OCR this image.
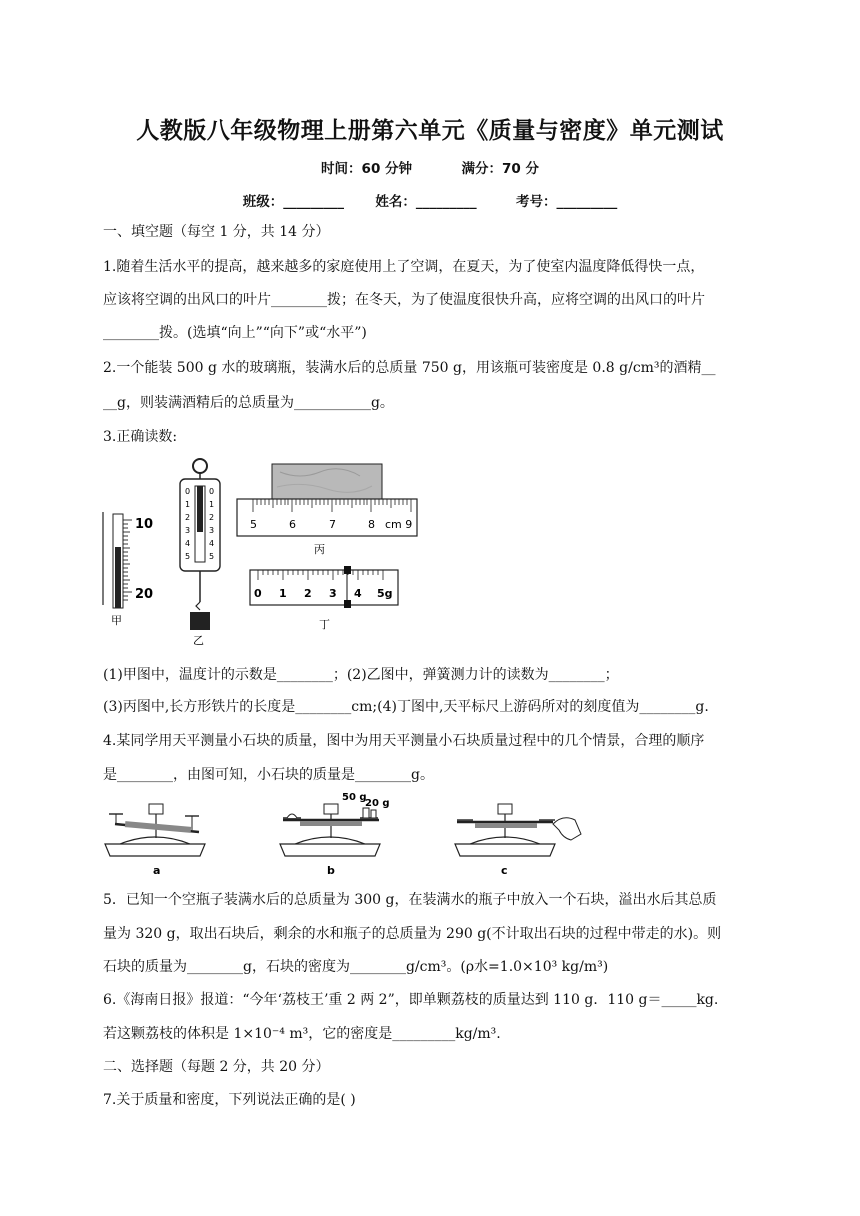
人教版八年级物理上册第六单元《质量与密度》单元测试
时间：60 分钟	满分：70 分
班级：_________ 姓名：_________	考号：_________
一、填空题（每空 1 分，共 14 分）
1.随着生活水平的提高，越来越多的家庭使用上了空调，在夏天，为了使室内温度降低得快一点，
应该将空调的出风口的叶片________拨；在冬天，为了使温度很快升高，应将空调的出风口的叶片
________拨。(选填“向上”“向下”或“水平”)
2.一个能装 500 g 水的玻璃瓶，装满水后的总质量 750 g，用该瓶可装密度是 0.8 g/cm³的酒精__
__g，则装满酒精后的总质量为___________g。
3.正确读数:
10
20
甲
0
1
2
3
4
5
0
1
2
3
4
5
乙
5	6	7	8 cm 9
丙
0 1 2 3 4 5g
丁
(1)甲图中，温度计的示数是________；(2)乙图中，弹簧测力计的读数为________；
(3)丙图中,长方形铁片的长度是________cm;(4)丁图中,天平标尺上游码所对的刻度值为________g.
4.某同学用天平测量小石块的质量，图中为用天平测量小石块质量过程中的几个情景，合理的顺序
是________，由图可知，小石块的质量是________g。
a
50 g
20 g
b	c
5．已知一个空瓶子装满水后的总质量为 300 g，在装满水的瓶子中放入一个石块，溢出水后其总质
量为 320 g，取出石块后，剩余的水和瓶子的总质量为 290 g(不计取出石块的过程中带走的水)。则
石块的质量为________g，石块的密度为________g/cm³。(ρ水=1.0×10³ kg/m³)
6.《海南日报》报道：“今年‘荔枝王’重 2 两 2”，即单颗荔枝的质量达到 110 g．110 g＝_____kg.
若这颗荔枝的体积是 1×10⁻⁴ m³，它的密度是_________kg/m³.
二、选择题（每题 2 分，共 20 分）
7.关于质量和密度，下列说法正确的是( )
